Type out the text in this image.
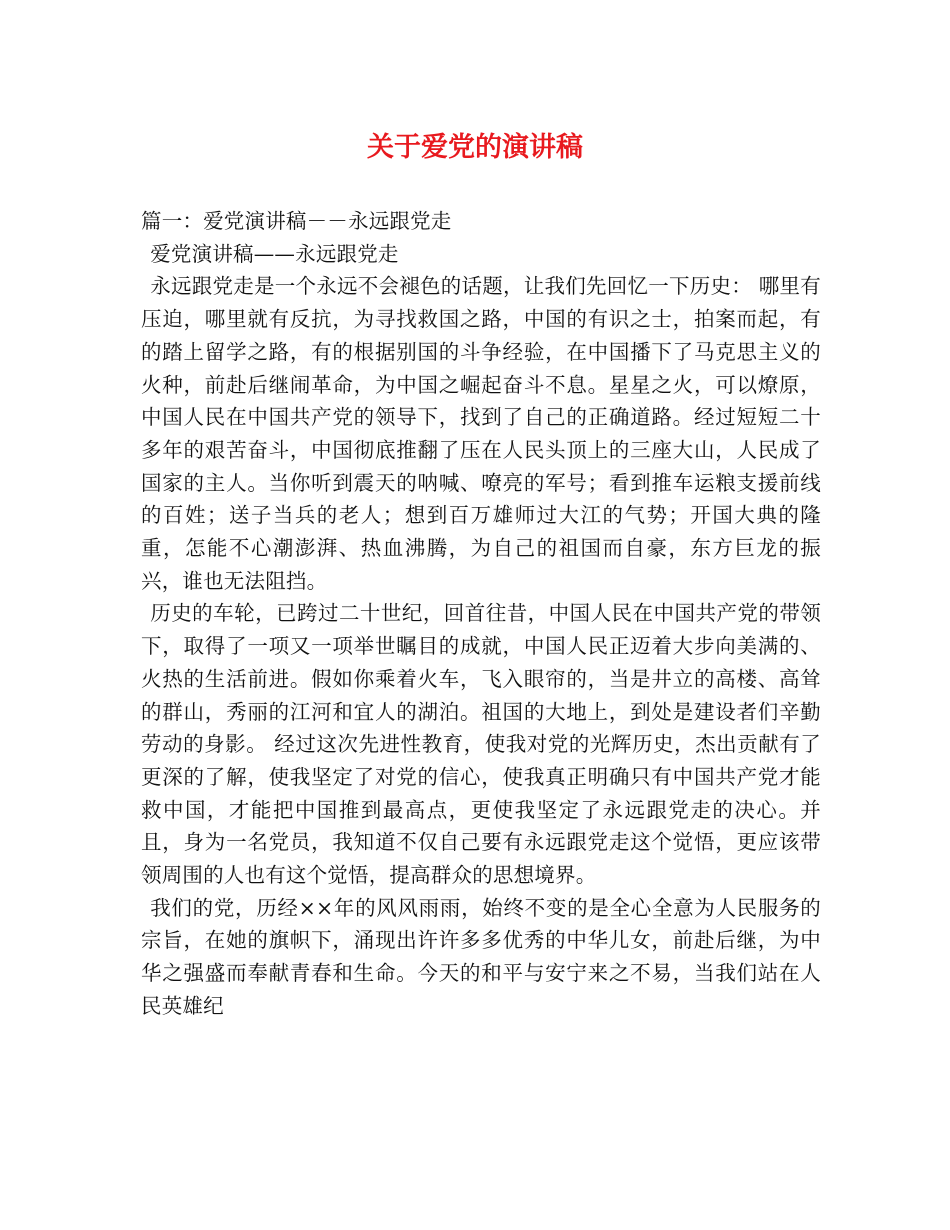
关于爱党的演讲稿

篇一：爱党演讲稿－－永远跟党走

爱党演讲稿——永远跟党走

永远跟党走是一个永远不会褪色的话题，让我们先回忆一下历史： 哪里有压迫，哪里就有反抗，为寻找救国之路，中国的有识之士，拍案而起，有的踏上留学之路，有的根据别国的斗争经验，在中国播下了马克思主义的火种，前赴后继闹革命，为中国之崛起奋斗不息。星星之火，可以燎原，中国人民在中国共产党的领导下，找到了自己的正确道路。经过短短二十多年的艰苦奋斗，中国彻底推翻了压在人民头顶上的三座大山，人民成了国家的主人。当你听到震天的呐喊、嘹亮的军号；看到推车运粮支援前线的百姓；送子当兵的老人；想到百万雄师过大江的气势；开国大典的隆重，怎能不心潮澎湃、热血沸腾，为自己的祖国而自豪，东方巨龙的振兴，谁也无法阻挡。

历史的车轮，已跨过二十世纪，回首往昔，中国人民在中国共产党的带领下，取得了一项又一项举世瞩目的成就，中国人民正迈着大步向美满的、火热的生活前进。假如你乘着火车，飞入眼帘的，当是井立的高楼、高耸的群山，秀丽的江河和宜人的湖泊。祖国的大地上，到处是建设者们辛勤劳动的身影。 经过这次先进性教育，使我对党的光辉历史，杰出贡献有了更深的了解，使我坚定了对党的信心，使我真正明确只有中国共产党才能救中国，才能把中国推到最高点，更使我坚定了永远跟党走的决心。并且，身为一名党员，我知道不仅自己要有永远跟党走这个觉悟，更应该带领周围的人也有这个觉悟，提高群众的思想境界。

我们的党，历经××年的风风雨雨，始终不变的是全心全意为人民服务的宗旨，在她的旗帜下，涌现出许许多多优秀的中华儿女，前赴后继，为中华之强盛而奉献青春和生命。今天的和平与安宁来之不易，当我们站在人民英雄纪
